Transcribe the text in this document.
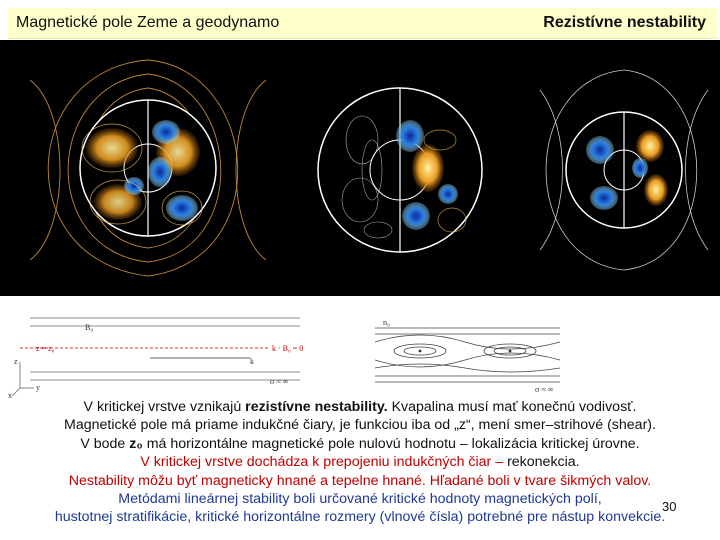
Magnetické pole Zeme a geodynamo	Rezistívne nestability
B₀
z = z₀	k · B₀ = 0
k
z
y
x
σ ≈ ∞
n₀
σ ≈ ∞
V kritickej vrstve vznikajú rezistívne nestability. Kvapalina musí mať konečnú vodivosť.
Magnetické pole má priame indukčné čiary, je funkciou iba od „z“, mení smer–strihové (shear).
V bode z₀ má horizontálne magnetické pole nulovú hodnotu – lokalizácia kritickej úrovne.
V kritickej vrstve dochádza k prepojeniu indukčných čiar – rekonekcia.
Nestability môžu byť magneticky hnané a tepelne hnané. Hľadané boli v tvare šikmých valov.
Metódami lineárnej stability boli určované kritické hodnoty magnetických polí,
hustotnej stratifikácie, kritické horizontálne rozmery (vlnové čísla) potrebné pre nástup konvekcie.
30
